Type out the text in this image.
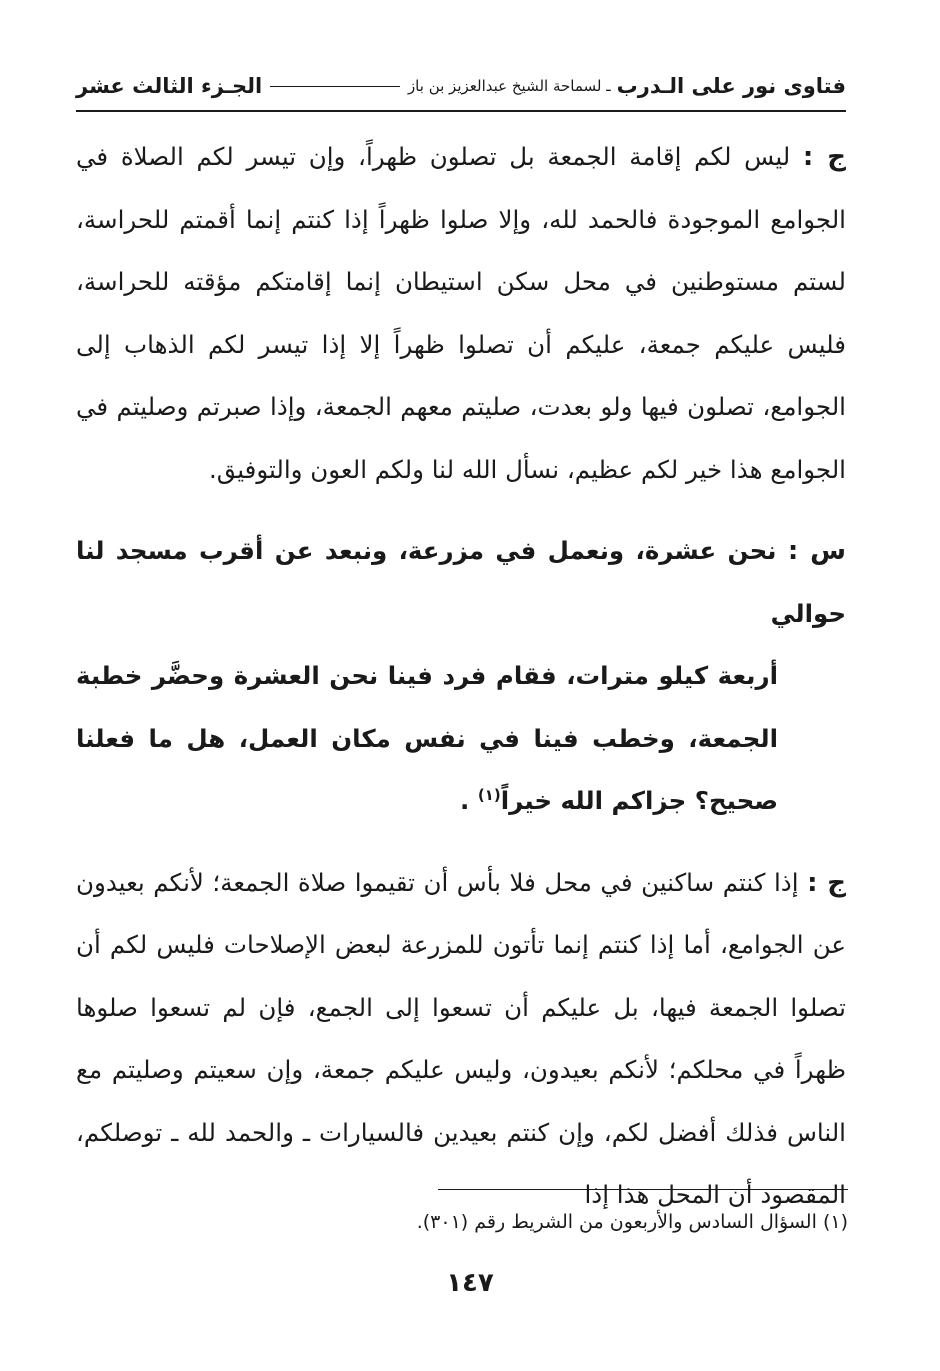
فتاوى نور على الـدرب
ـ لسماحة الشيخ عبدالعزيز بن باز
الجـزء الثالث عشر

ج : ليس لكم إقامة الجمعة بل تصلون ظهراً، وإن تيسر لكم الصلاة في الجوامع الموجودة فالحمد لله، وإلا صلوا ظهراً إذا كنتم إنما أقمتم للحراسة، لستم مستوطنين في محل سكن استيطان إنما إقامتكم مؤقته للحراسة، فليس عليكم جمعة، عليكم أن تصلوا ظهراً إلا إذا تيسر لكم الذهاب إلى الجوامع، تصلون فيها ولو بعدت، صليتم معهم الجمعة، وإذا صبرتم وصليتم في الجوامع هذا خير لكم عظيم، نسأل الله لنا ولكم العون والتوفيق.

س : نحن عشرة، ونعمل في مزرعة، ونبعد عن أقرب مسجد لنا حوالي
أربعة كيلو مترات، فقام فرد فينا نحن العشرة وحضَّر خطبة الجمعة، وخطب فينا في نفس مكان العمل، هل ما فعلنا صحيح؟ جزاكم الله خيراً$^{(١)}$ .

ج : إذا كنتم ساكنين في محل فلا بأس أن تقيموا صلاة الجمعة؛ لأنكم بعيدون عن الجوامع، أما إذا كنتم إنما تأتون للمزرعة لبعض الإصلاحات فليس لكم أن تصلوا الجمعة فيها، بل عليكم أن تسعوا إلى الجمع، فإن لم تسعوا صلوها ظهراً في محلكم؛ لأنكم بعيدون، وليس عليكم جمعة، وإن سعيتم وصليتم مع الناس فذلك أفضل لكم، وإن كنتم بعيدين فالسيارات ـ والحمد لله ـ توصلكم، المقصود أن المحل هذا إذا

(١) السؤال السادس والأربعون من الشريط رقم (٣٠١).
١٤٧
